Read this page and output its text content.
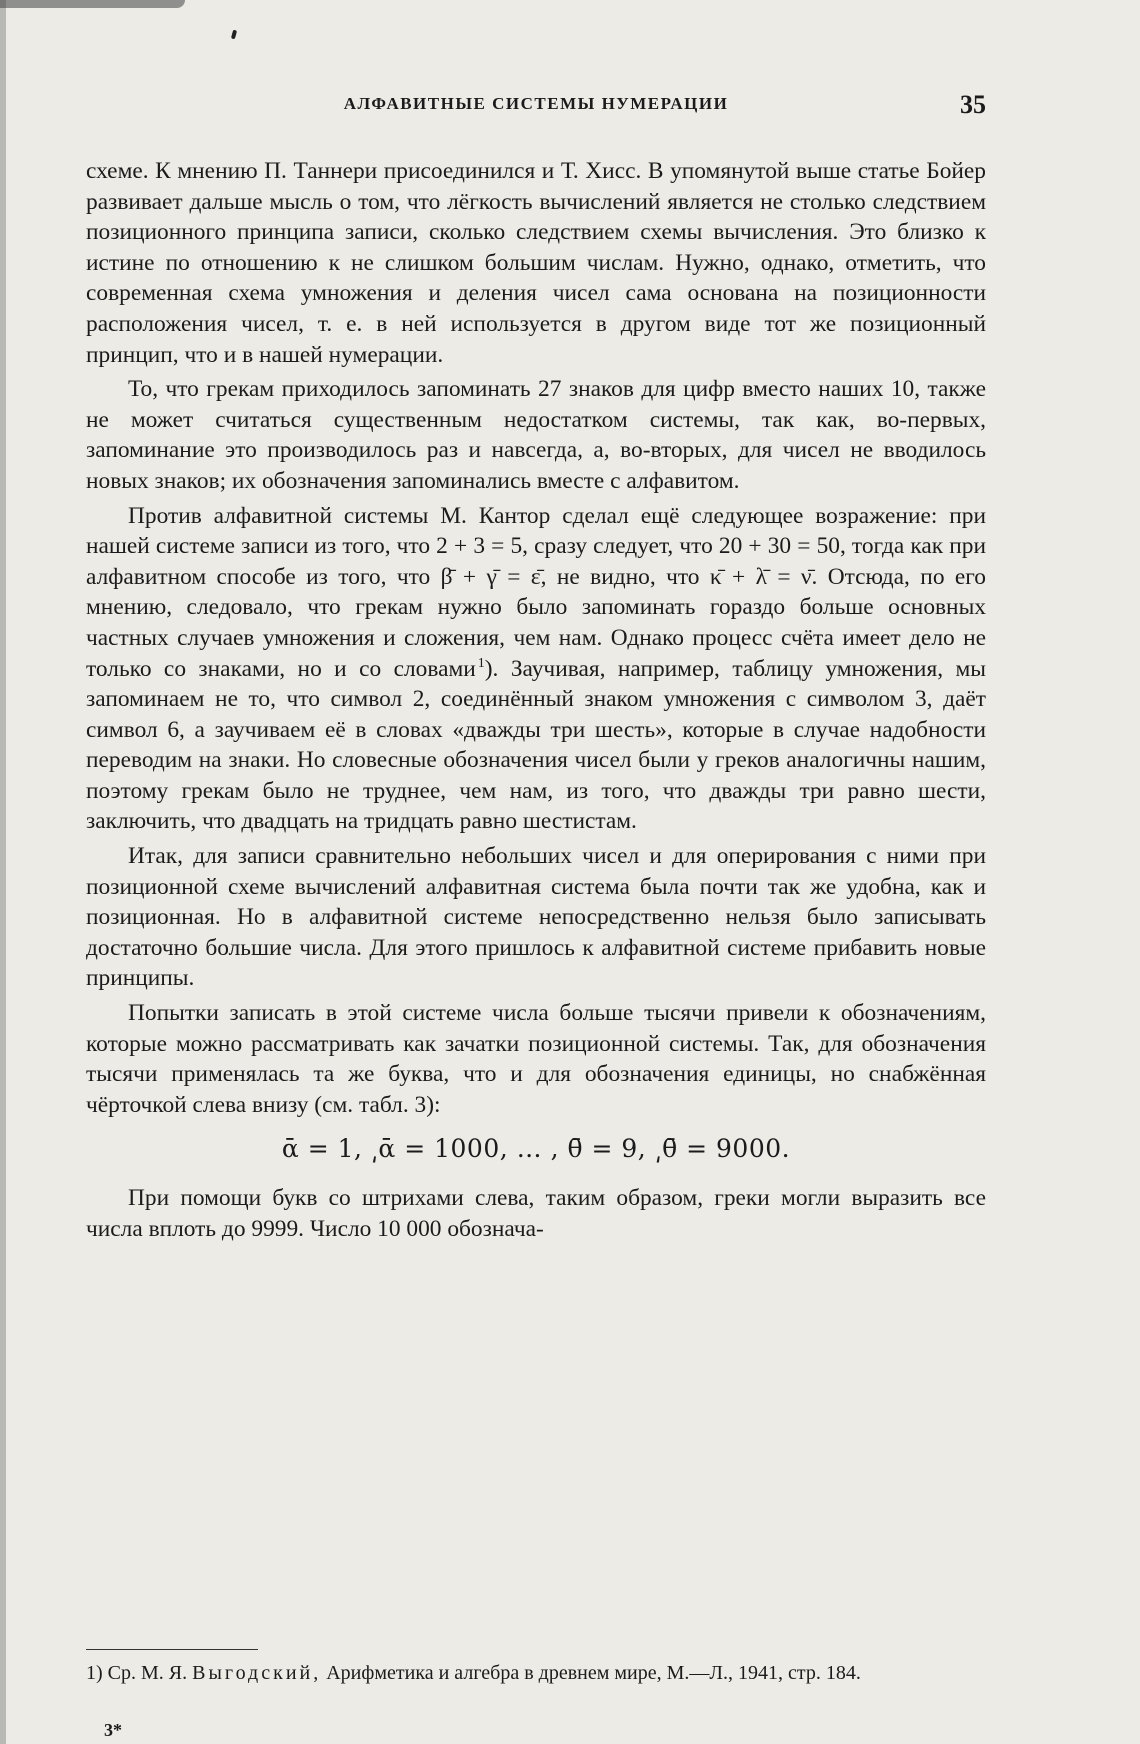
АЛФАВИТНЫЕ СИСТЕМЫ НУМЕРАЦИИ	35

схеме. К мнению П. Таннери присоединился и Т. Хисс. В упомянутой выше статье Бойер развивает дальше мысль о том, что лёгкость вычислений является не столько следствием позиционного принципа записи, сколько следствием схемы вычисления. Это близко к истине по отношению к не слишком большим числам. Нужно, однако, отметить, что современная схема умножения и деления чисел сама основана на позиционности расположения чисел, т. е. в ней используется в другом виде тот же позиционный принцип, что и в нашей нумерации.

То, что грекам приходилось запоминать 27 знаков для цифр вместо наших 10, также не может считаться существенным недостатком системы, так как, во-первых, запоминание это производилось раз и навсегда, а, во-вторых, для чисел не вводилось новых знаков; их обозначения запоминались вместе с алфавитом.

Против алфавитной системы М. Кантор сделал ещё следующее возражение: при нашей системе записи из того, что 2 + 3 = 5, сразу следует, что 20 + 30 = 50, тогда как при алфавитном способе из того, что β̄ + γ̄ = ε̄, не видно, что κ̄ + λ̄ = ν̄. Отсюда, по его мнению, следовало, что грекам нужно было запоминать гораздо больше основных частных случаев умножения и сложения, чем нам. Однако процесс счёта имеет дело не только со знаками, но и со словами  $^1$). Заучивая, например, таблицу умножения, мы запоминаем не то, что символ 2, соединённый знаком умножения с символом 3, даёт символ 6, а заучиваем её в словах «дважды три шесть», которые в случае надобности переводим на знаки. Но словесные обозначения чисел были у греков аналогичны нашим, поэтому грекам было не труднее, чем нам, из того, что дважды три равно шести, заключить, что двадцать на тридцать равно шестистам.

Итак, для записи сравнительно небольших чисел и для оперирования с ними при позиционной схеме вычислений алфавитная система была почти так же удобна, как и позиционная. Но в алфавитной системе непосредственно нельзя было записывать достаточно большие числа. Для этого пришлось к алфавитной системе прибавить новые принципы.

Попытки записать в этой системе числа больше тысячи привели к обозначениям, которые можно рассматривать как зачатки позиционной системы. Так, для обозначения тысячи применялась та же буква, что и для обозначения единицы, но снабжённая чёрточкой слева внизу (см. табл. 3):

ᾱ = 1, ͵ᾱ = 1000, … , θ̄ = 9, ͵θ̄ = 9000.

При помощи букв со штрихами слева, таким образом, греки могли выразить все числа вплоть до 9999. Число 10 000 обознача-

1) Ср. М. Я. Выгодский, Арифметика и алгебра в древнем мире, М.—Л., 1941, стр. 184.
3*
